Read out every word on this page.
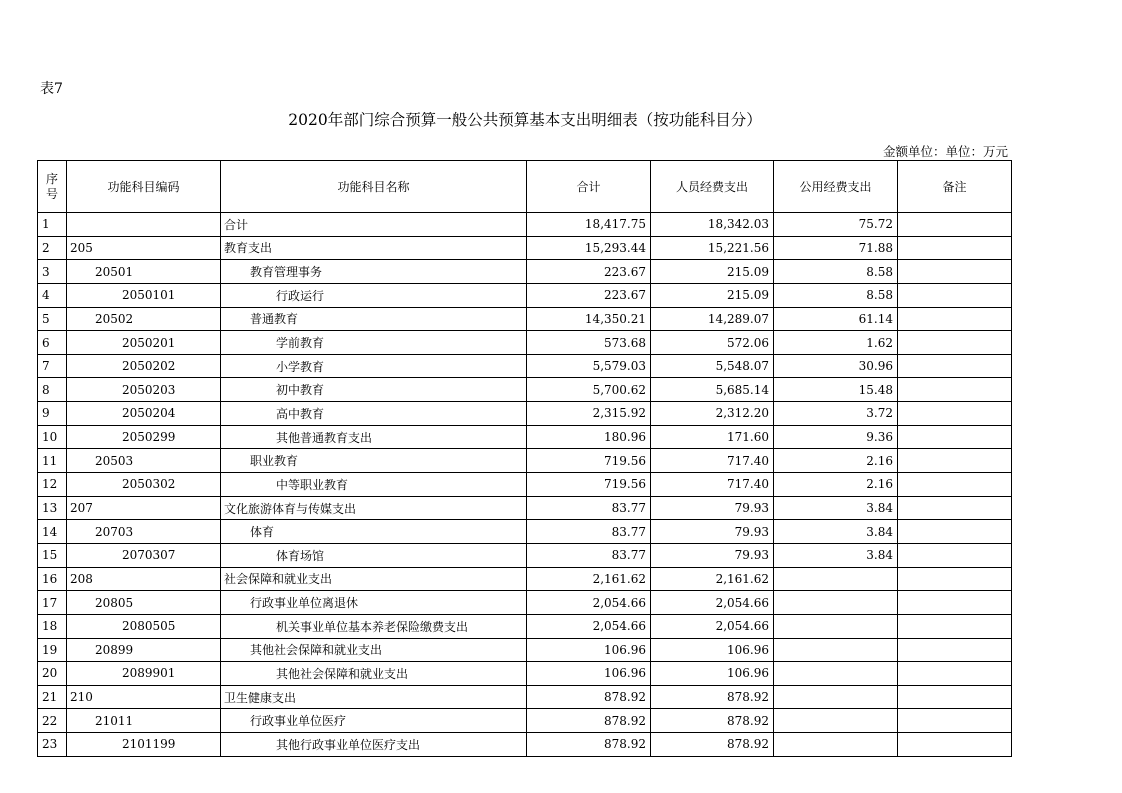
表7
2020年部门综合预算一般公共预算基本支出明细表（按功能科目分）
金额单位：单位：万元
序
号	功能科目编码	功能科目名称	合计	人员经费支出	公用经费支出	备注
1		合计	18,417.75	18,342.03	75.72	
2	205	教育支出	15,293.44	15,221.56	71.88	
3	20501	教育管理事务	223.67	215.09	8.58	
4	2050101	行政运行	223.67	215.09	8.58	
5	20502	普通教育	14,350.21	14,289.07	61.14	
6	2050201	学前教育	573.68	572.06	1.62	
7	2050202	小学教育	5,579.03	5,548.07	30.96	
8	2050203	初中教育	5,700.62	5,685.14	15.48	
9	2050204	高中教育	2,315.92	2,312.20	3.72	
10	2050299	其他普通教育支出	180.96	171.60	9.36	
11	20503	职业教育	719.56	717.40	2.16	
12	2050302	中等职业教育	719.56	717.40	2.16	
13	207	文化旅游体育与传媒支出	83.77	79.93	3.84	
14	20703	体育	83.77	79.93	3.84	
15	2070307	体育场馆	83.77	79.93	3.84	
16	208	社会保障和就业支出	2,161.62	2,161.62		
17	20805	行政事业单位离退休	2,054.66	2,054.66		
18	2080505	机关事业单位基本养老保险缴费支出	2,054.66	2,054.66		
19	20899	其他社会保障和就业支出	106.96	106.96		
20	2089901	其他社会保障和就业支出	106.96	106.96		
21	210	卫生健康支出	878.92	878.92		
22	21011	行政事业单位医疗	878.92	878.92		
23	2101199	其他行政事业单位医疗支出	878.92	878.92		
